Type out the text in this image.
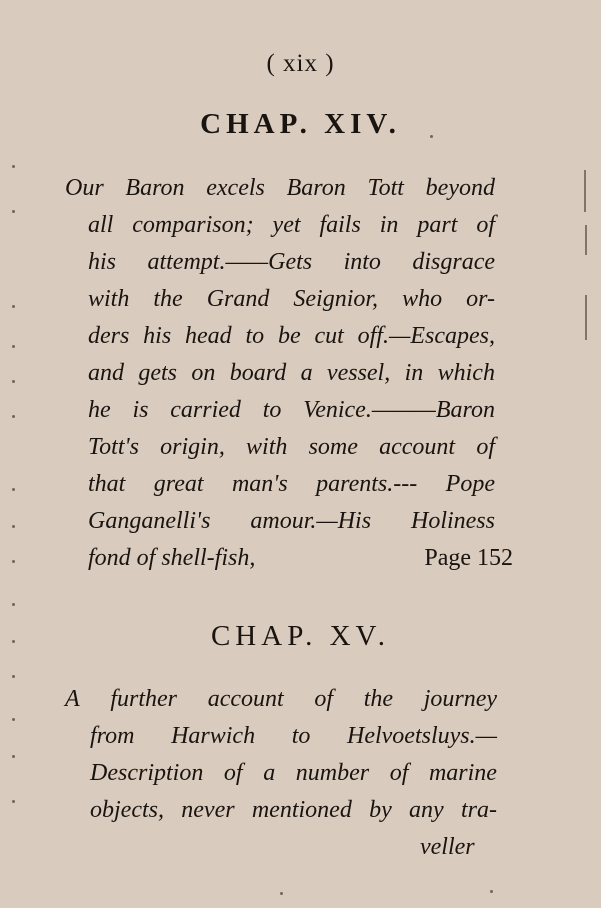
( xix )
CHAP. XIV.
Our Baron excels Baron Tott beyond
all comparison; yet fails in part of
his attempt.——Gets into disgrace
with the Grand Seignior, who or-
ders his head to be cut off.—Escapes,
and gets on board a vessel, in which
he is carried to Venice.———Baron
Tott's origin, with some account of
that great man's parents.--- Pope
Ganganelli's amour.—His Holiness
fond of shell-fish,	Page 152
CHAP. XV.
A further account of the journey
from Harwich to Helvoetsluys.—
Description of a number of marine
objects, never mentioned by any tra-
veller
